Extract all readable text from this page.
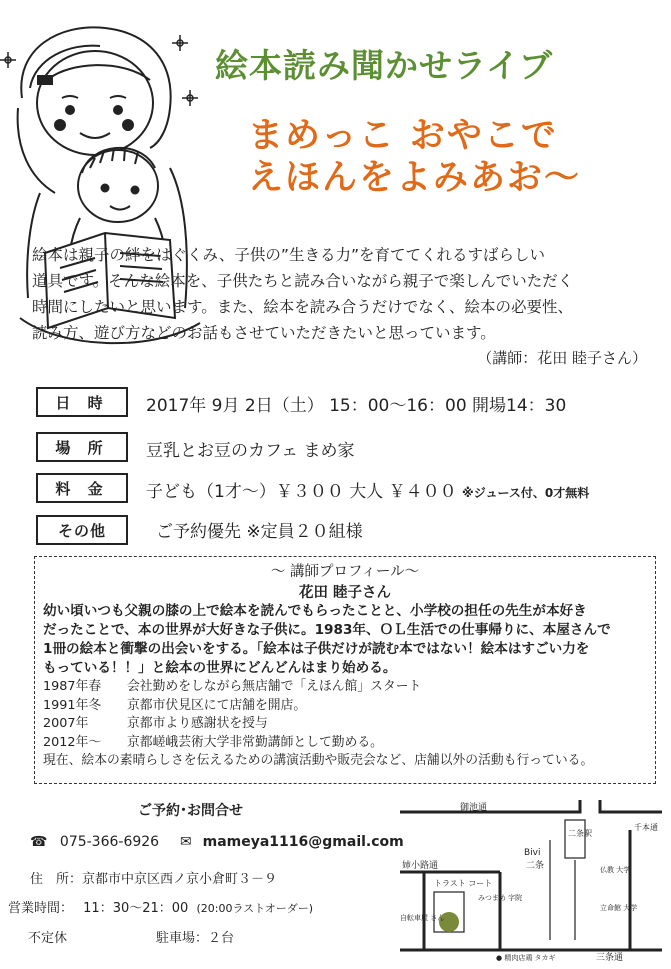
絵本読み聞かせライブ
まめっこ おやこで
えほんをよみあお～

絵本は親子の絆をはぐくみ、子供の”生きる力”を育ててくれるすばらしい

道具です。そんな絵本を、子供たちと読み合いながら親子で楽しんでいただく

時間にしたいと思います。また、絵本を読み合うだけでなく、絵本の必要性、

読み方、遊び方などのお話もさせていただきたいと思っています。

（講師：花田 睦子さん）
日 時	2017年 9月 2日（土） 15：00～16：00 開場14：30
場 所	豆乳とお豆のカフェ まめ家
料 金	子ども（1才～）￥３００ 大人 ￥４００ ※ジュース付、0才無料
その他	ご予約優先 ※定員２０組様
～ 講師プロフィール～
花田 睦子さん
幼い頃いつも父親の膝の上で絵本を読んでもらったことと、小学校の担任の先生が本好き
だったことで、本の世界が大好きな子供に。1983年、ＯＬ生活での仕事帰りに、本屋さんで
1冊の絵本と衝撃の出会いをする。「絵本は子供だけが読む本ではない！絵本はすごい力を
もっている！！」と絵本の世界にどんどんはまり始める。
1987年春 会社勤めをしながら無店舗で「えほん館」スタート
1991年冬 京都市伏見区にて店舗を開店。
2007年	京都市より感謝状を授与
2012年～ 京都嵯峨芸術大学非常勤講師として勤める。
現在、絵本の素晴らしさを伝えるための講演活動や販売会など、店舗以外の活動も行っている。
ご予約･お問合せ
☎ 075-366-6926 ✉ mameya1116@gmail.com
住　所：京都市中京区西ノ京小倉町３－９
営業時間： 11：30～21：00 (20:00ラストオーダー)
不定休	駐車場：２台
御池通
姉小路通
三条通
二条駅
千本通
Bivi
二条
トラスト コート
自転車屋 さん
みつまめ 字院
仏教 大学
立命館 大学
● 精肉店鶏 タカギ
